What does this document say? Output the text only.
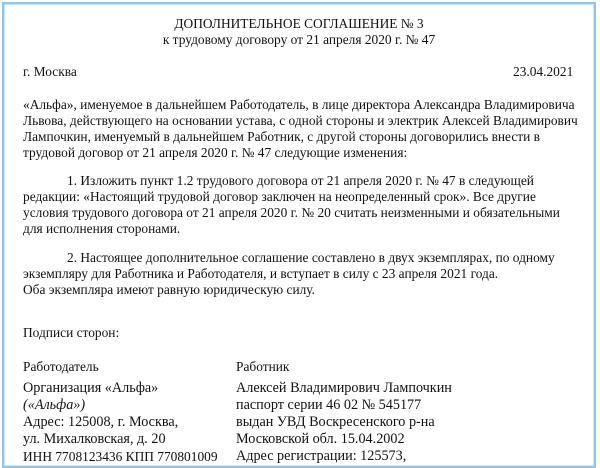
ДОПОЛНИТЕЛЬНОЕ СОГЛАШЕНИЕ № 3
к трудовому договору от 21 апреля 2020 г. № 47
г. Москва	23.04.2021
«Альфа», именуемое в дальнейшем Работодатель, в лице директора Александра Владимировича
Львова, действующего на основании устава, с одной стороны и электрик Алексей Владимирович
Лампочкин, именуемый в дальнейшем Работник, с другой стороны договорились внести в
трудовой договор от 21 апреля 2020 г. № 47 следующие изменения:
1. Изложить пункт 1.2 трудового договора от 21 апреля 2020 г. № 47 в следующей
редакции: «Настоящий трудовой договор заключен на неопределенный срок». Все другие
условия трудового договора от 21 апреля 2020 г. № 20 считать неизменными и обязательными
для исполнения сторонами.
2. Настоящее дополнительное соглашение составлено в двух экземплярах, по одному
экземпляру для Работника и Работодателя, и вступает в силу с 23 апреля 2021 года.
Оба экземпляра имеют равную юридическую силу.
Подписи сторон:
Работодатель
Организация «Альфа»
(«Альфа»)
Адрес: 125008, г. Москва,
ул. Михалковская, д. 20
ИНН 7708123436 КПП 770801009
Работник
Алексей Владимирович Лампочкин
паспорт серии 46 02 № 545177
выдан УВД Воскресенского р-на
Московской обл. 15.04.2002
Адрес регистрации: 125573,
